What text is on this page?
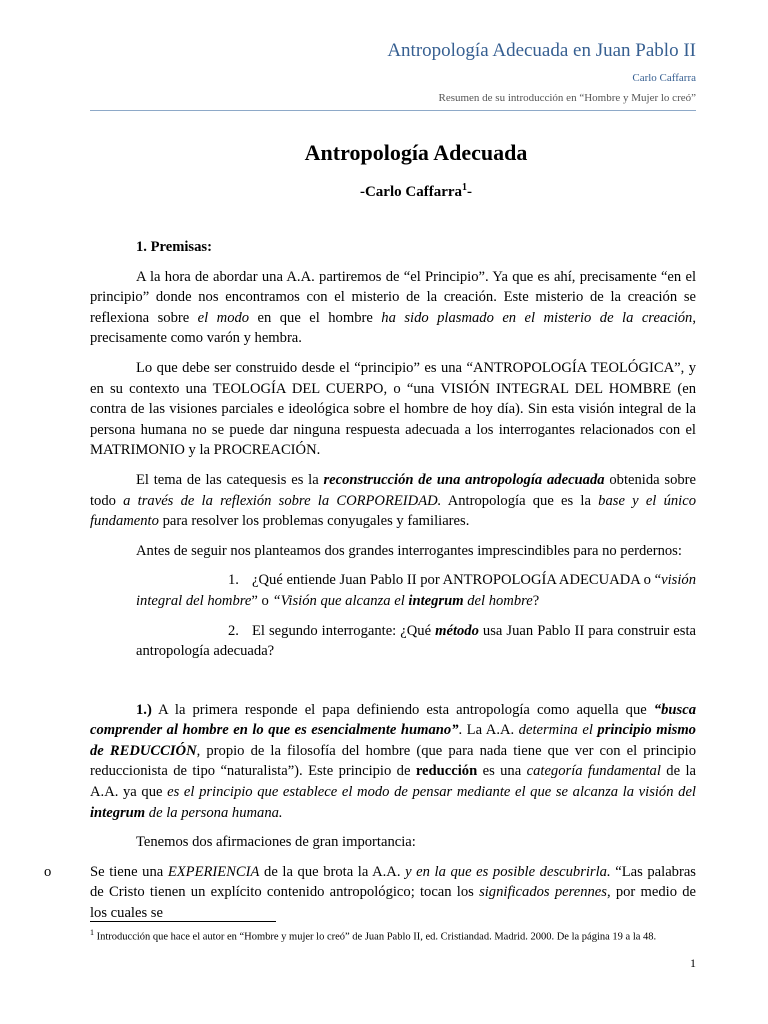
Antropología Adecuada en Juan Pablo II
Carlo Caffarra
Resumen de su introducción en “Hombre y Mujer lo creó”
Antropología Adecuada
-Carlo Caffarra$^1$-
1. Premisas:

A la hora de abordar una A.A. partiremos de “el Principio”. Ya que es ahí, precisamente “en el principio” donde nos encontramos con el misterio de la creación. Este misterio de la creación se reflexiona sobre el modo en que el hombre ha sido plasmado en el misterio de la creación, precisamente como varón y hembra.

Lo que debe ser construido desde el “principio” es una “ANTROPOLOGÍA TEOLÓGICA”, y en su contexto una TEOLOGÍA DEL CUERPO, o “una VISIÓN INTEGRAL DEL HOMBRE (en contra de las visiones parciales e ideológica sobre el hombre de hoy día). Sin esta visión integral de la persona humana no se puede dar ninguna respuesta adecuada a los interrogantes relacionados con el MATRIMONIO y la PROCREACIÓN.

El tema de las catequesis es la reconstrucción de una antropología adecuada obtenida sobre todo a través de la reflexión sobre la CORPOREIDAD. Antropología que es la base y el único fundamento para resolver los problemas conyugales y familiares.

Antes de seguir nos planteamos dos grandes interrogantes imprescindibles para no perdernos:

1. ¿Qué entiende Juan Pablo II por ANTROPOLOGÍA ADECUADA o “visión integral del hombre” o “Visión que alcanza el integrum del hombre?

2. El segundo interrogante: ¿Qué método usa Juan Pablo II para construir esta antropología adecuada?

1.) A la primera responde el papa definiendo esta antropología como aquella que “busca comprender al hombre en lo que es esencialmente humano”. La A.A. determina el principio mismo de REDUCCIÓN, propio de la filosofía del hombre (que para nada tiene que ver con el principio reduccionista de tipo “naturalista”). Este principio de reducción es una categoría fundamental de la A.A. ya que es el principio que establece el modo de pensar mediante el que se alcanza la visión del integrum de la persona humana.

Tenemos dos afirmaciones de gran importancia:

o	Se tiene una EXPERIENCIA de la que brota la A.A. y en la que es posible descubrirla. “Las palabras de Cristo tienen un explícito contenido antropológico; tocan los significados perennes, por medio de los cuales se

$^1$ Introducción que hace el autor en “Hombre y mujer lo creó” de Juan Pablo II, ed. Cristiandad. Madrid. 2000. De la página 19 a la 48.
1
